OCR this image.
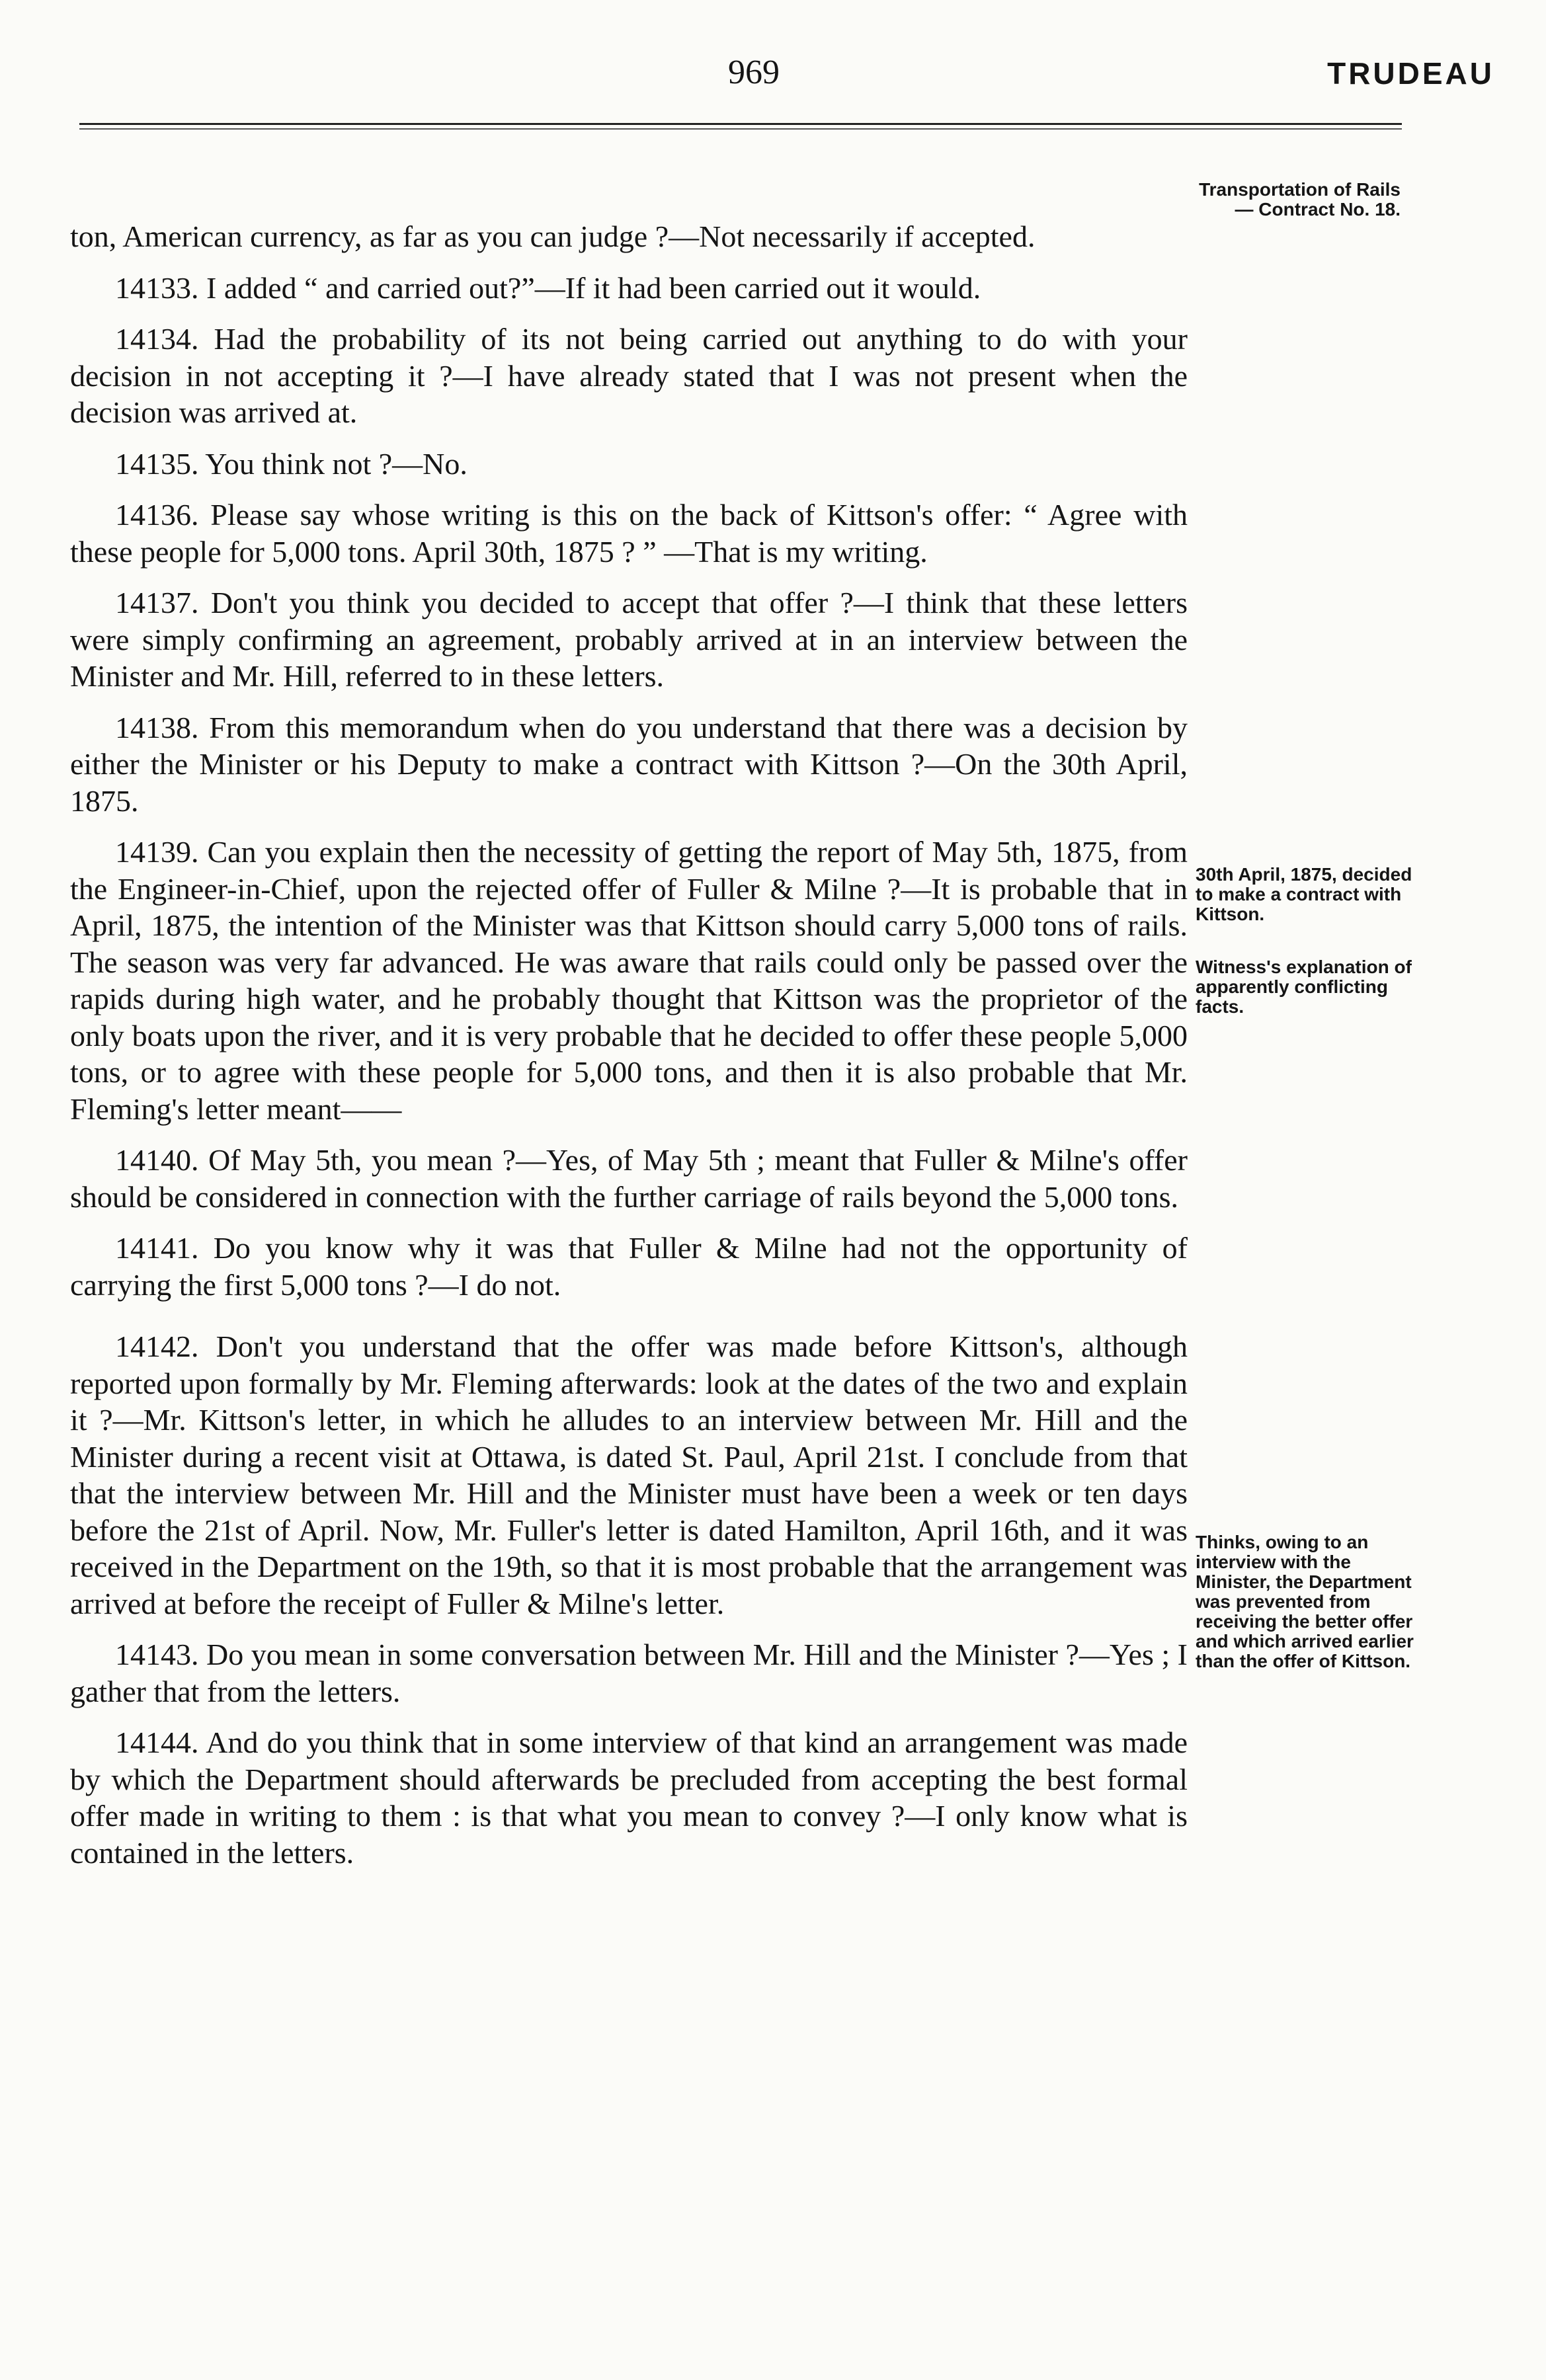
969	TRUDEAU
Transportation of Rails— Contract No. 18.
30th April, 1875, decided to make a contract with Kittson.
Witness's explanation of apparently conflicting facts.
Thinks, owing to an interview with the Minister, the Department was prevented from receiving the better offer and which arrived earlier than the offer of Kittson.

ton, American currency, as far as you can judge ?—Not necessarily if accepted.

14133. I added “ and carried out?”—If it had been carried out it would.

14134. Had the probability of its not being carried out anything to do with your decision in not accepting it ?—I have already stated that I was not present when the decision was arrived at.

14135. You think not ?—No.

14136. Please say whose writing is this on the back of Kittson's offer: “ Agree with these people for 5,000 tons. April 30th, 1875 ? ” —That is my writing.

14137. Don't you think you decided to accept that offer ?—I think that these letters were simply confirming an agreement, probably arrived at in an interview between the Minister and Mr. Hill, referred to in these letters.

14138. From this memorandum when do you understand that there was a decision by either the Minister or his Deputy to make a contract with Kittson ?—On the 30th April, 1875.

14139. Can you explain then the necessity of getting the report of May 5th, 1875, from the Engineer-in-Chief, upon the rejected offer of Fuller & Milne ?—It is probable that in April, 1875, the intention of the Minister was that Kittson should carry 5,000 tons of rails. The season was very far advanced. He was aware that rails could only be passed over the rapids during high water, and he probably thought that Kittson was the proprietor of the only boats upon the river, and it is very probable that he decided to offer these people 5,000 tons, or to agree with these people for 5,000 tons, and then it is also probable that Mr. Fleming's letter meant——

14140. Of May 5th, you mean ?—Yes, of May 5th ; meant that Fuller & Milne's offer should be considered in connection with the further carriage of rails beyond the 5,000 tons.

14141. Do you know why it was that Fuller & Milne had not the opportunity of carrying the first 5,000 tons ?—I do not.

14142. Don't you understand that the offer was made before Kittson's, although reported upon formally by Mr. Fleming afterwards: look at the dates of the two and explain it ?—Mr. Kittson's letter, in which he alludes to an interview between Mr. Hill and the Minister during a recent visit at Ottawa, is dated St. Paul, April 21st. I conclude from that that the interview between Mr. Hill and the Minister must have been a week or ten days before the 21st of April. Now, Mr. Fuller's letter is dated Hamilton, April 16th, and it was received in the Department on the 19th, so that it is most probable that the arrangement was arrived at before the receipt of Fuller & Milne's letter.

14143. Do you mean in some conversation between Mr. Hill and the Minister ?—Yes ; I gather that from the letters.

14144. And do you think that in some interview of that kind an arrangement was made by which the Department should afterwards be precluded from accepting the best formal offer made in writing to them : is that what you mean to convey ?—I only know what is contained in the letters.
